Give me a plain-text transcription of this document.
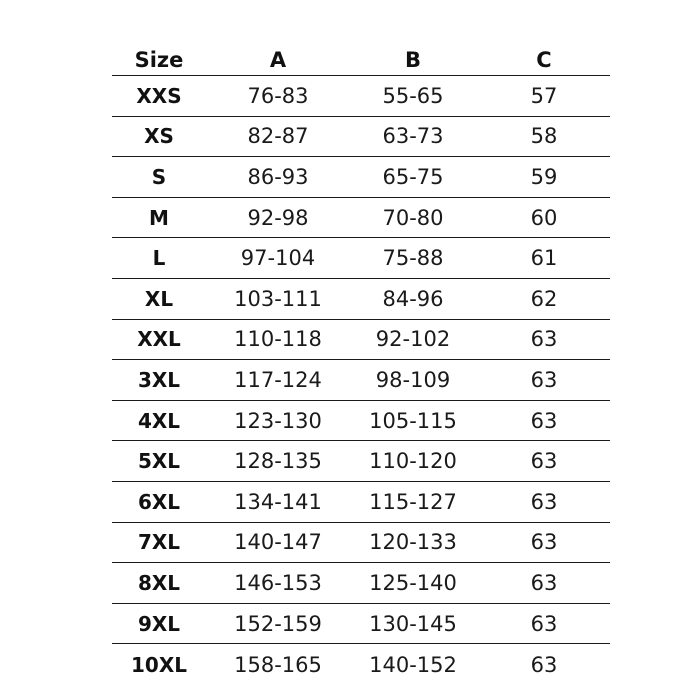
Size	A	B	C
XXS	76-83	55-65	57
XS	82-87	63-73	58
S	86-93	65-75	59
M	92-98	70-80	60
L	97-104	75-88	61
XL	103-111	84-96	62
XXL	110-118	92-102	63
3XL	117-124	98-109	63
4XL	123-130	105-115	63
5XL	128-135	110-120	63
6XL	134-141	115-127	63
7XL	140-147	120-133	63
8XL	146-153	125-140	63
9XL	152-159	130-145	63
10XL	158-165	140-152	63
